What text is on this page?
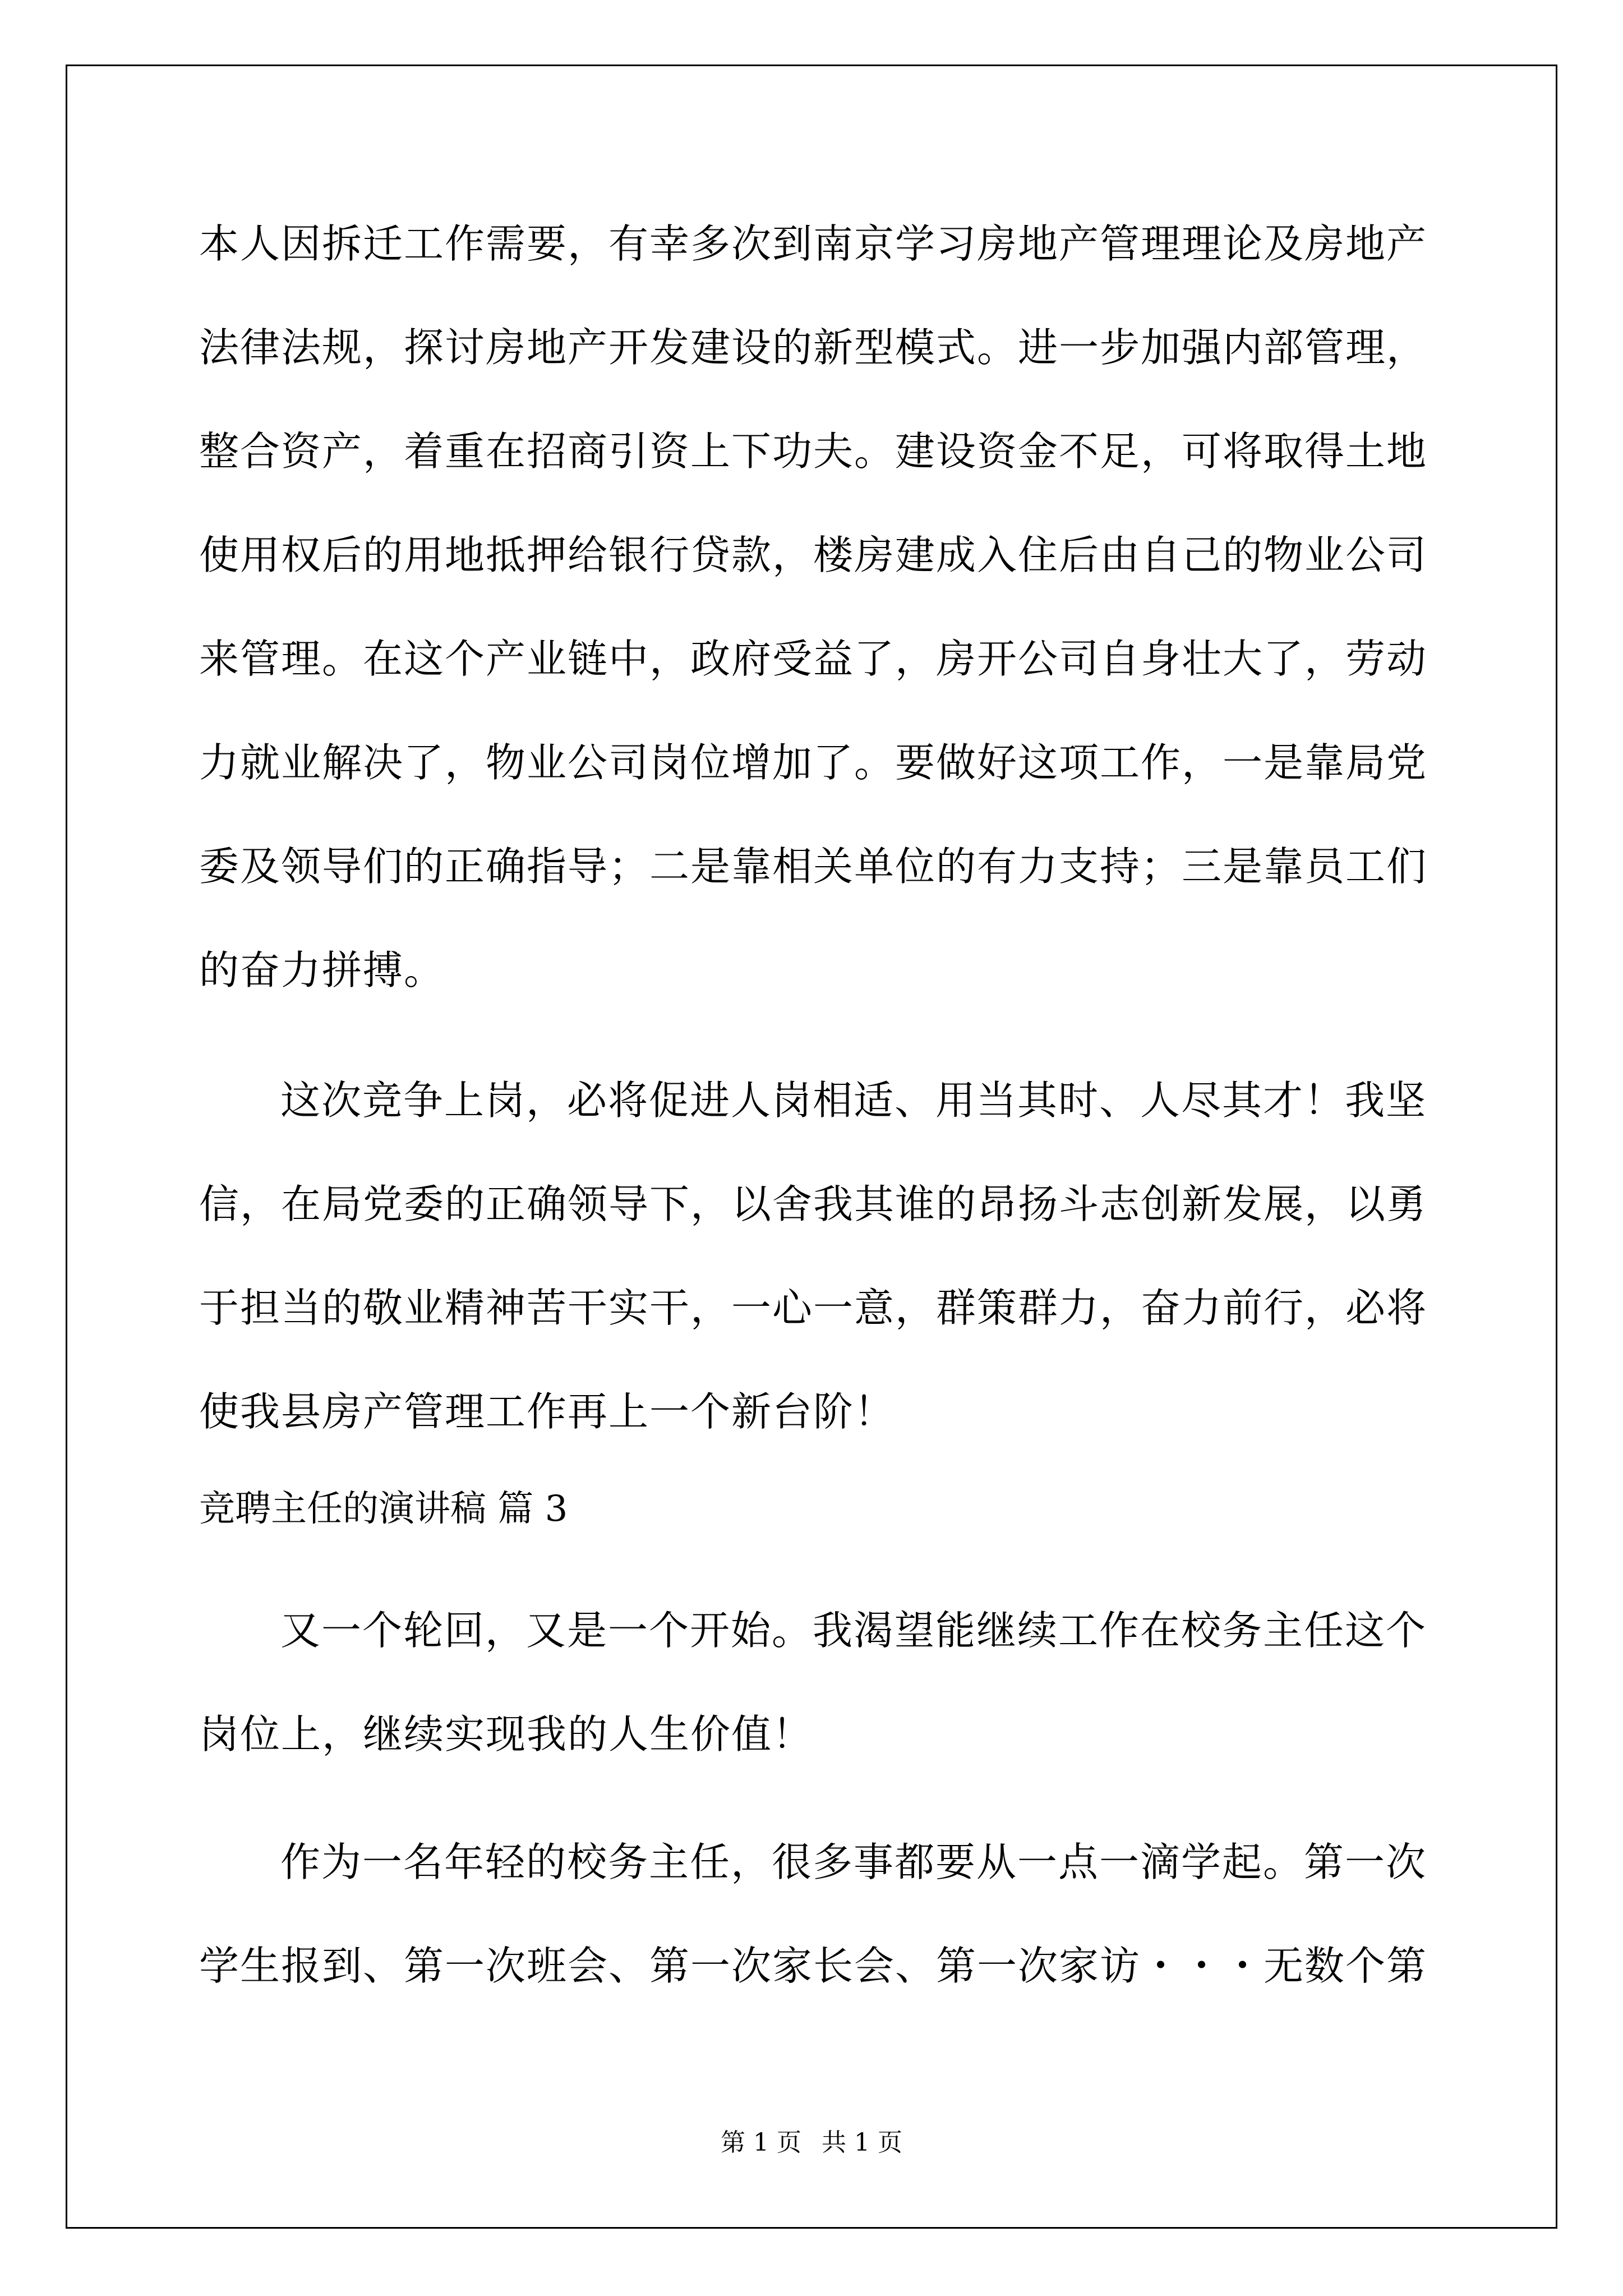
本人因拆迁工作需要，有幸多次到南京学习房地产管理理论及房地产
法律法规，探讨房地产开发建设的新型模式。进一步加强内部管理，
整合资产，着重在招商引资上下功夫。建设资金不足，可将取得土地
使用权后的用地抵押给银行贷款，楼房建成入住后由自己的物业公司
来管理。在这个产业链中，政府受益了，房开公司自身壮大了，劳动
力就业解决了，物业公司岗位增加了。要做好这项工作，一是靠局党
委及领导们的正确指导；二是靠相关单位的有力支持；三是靠员工们
的奋力拼搏。
这次竞争上岗，必将促进人岗相适、用当其时、人尽其才！我坚
信，在局党委的正确领导下，以舍我其谁的昂扬斗志创新发展，以勇
于担当的敬业精神苦干实干，一心一意，群策群力，奋力前行，必将
使我县房产管理工作再上一个新台阶！
竞聘主任的演讲稿 篇 3
又一个轮回，又是一个开始。我渴望能继续工作在校务主任这个
岗位上，继续实现我的人生价值！
作为一名年轻的校务主任，很多事都要从一点一滴学起。第一次
学生报到、第一次班会、第一次家长会、第一次家访・・・无数个第
第 1 页 共 1 页
